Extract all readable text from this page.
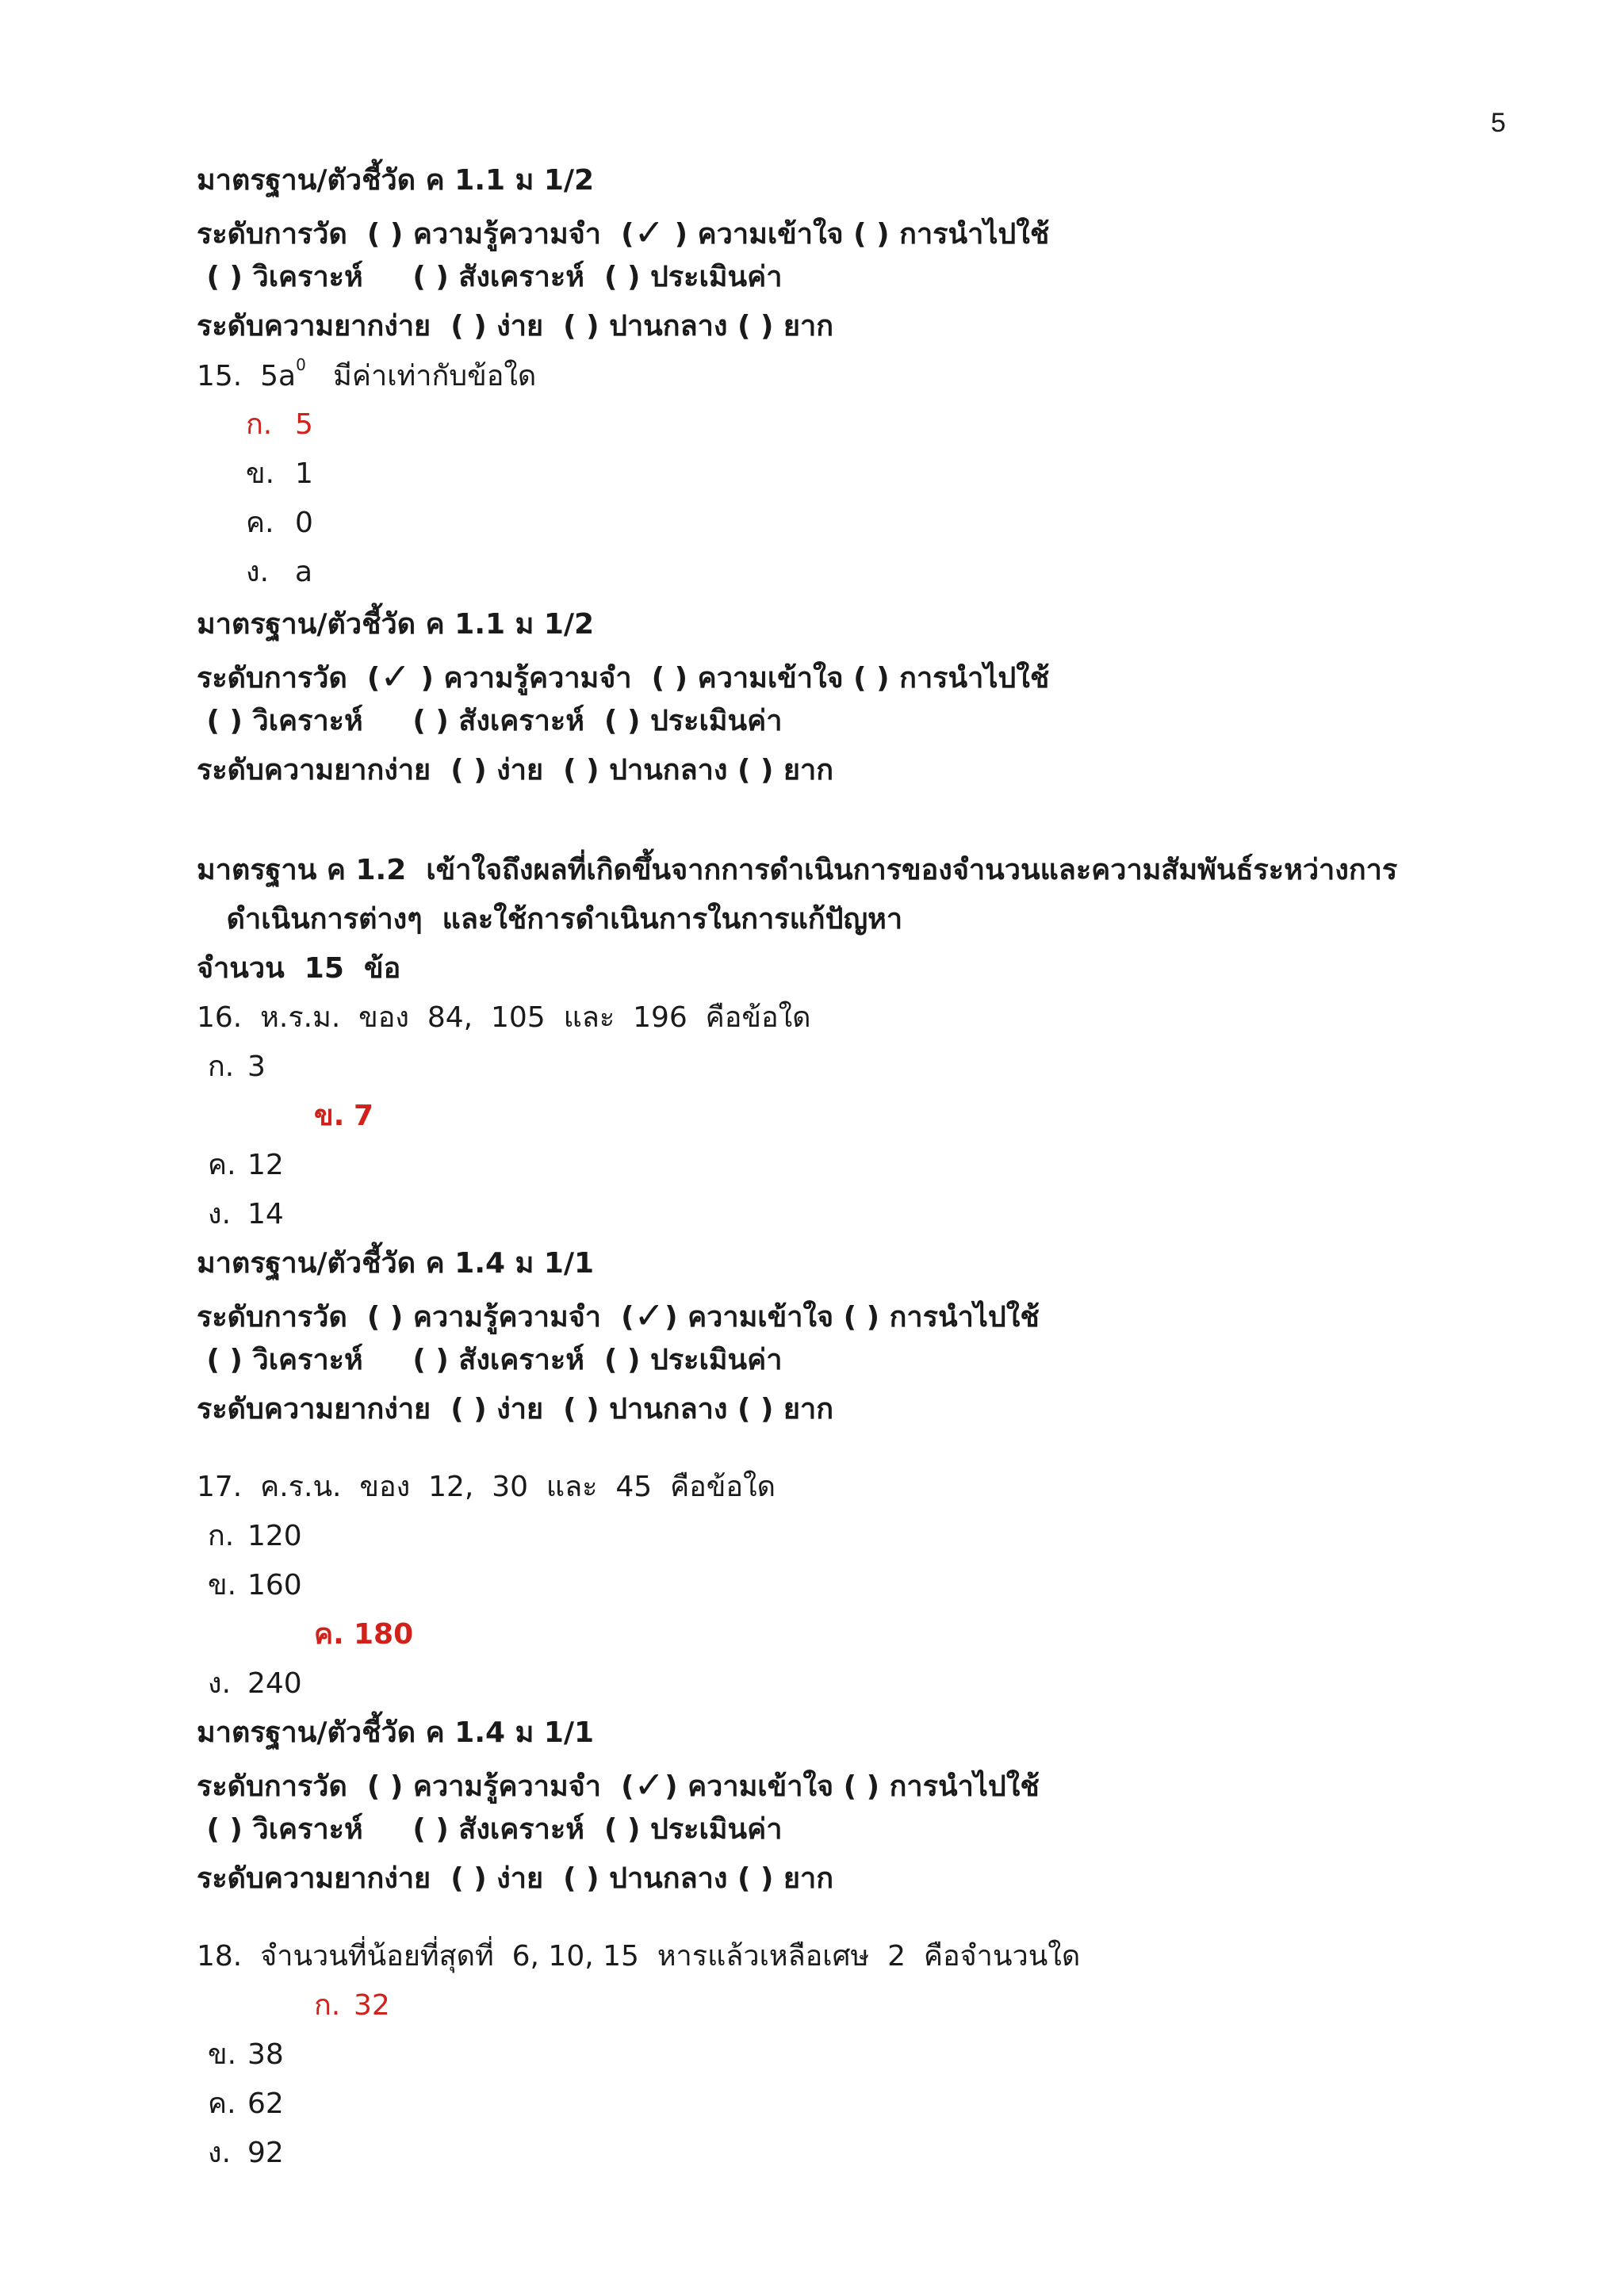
5
มาตรฐาน/ตัวชี้วัด ค 1.1 ม 1/2
ระดับการวัด  ( ) ความรู้ความจำ  (✓ ) ความเข้าใจ ( ) การนำไปใช้
( ) วิเคราะห์     ( ) สังเคราะห์  ( ) ประเมินค่า
ระดับความยากง่าย  ( ) ง่าย  ( ) ปานกลาง ( ) ยาก
15.  $5a^0$   มีค่าเท่ากับข้อใด
ก. 5
ข. 1
ค. 0
ง. a
มาตรฐาน/ตัวชี้วัด ค 1.1 ม 1/2
ระดับการวัด  (✓ ) ความรู้ความจำ  ( ) ความเข้าใจ ( ) การนำไปใช้
( ) วิเคราะห์     ( ) สังเคราะห์  ( ) ประเมินค่า
ระดับความยากง่าย  ( ) ง่าย  ( ) ปานกลาง ( ) ยาก
มาตรฐาน ค 1.2  เข้าใจถึงผลที่เกิดขึ้นจากการดำเนินการของจำนวนและความสัมพันธ์ระหว่างการ
ดำเนินการต่างๆ  และใช้การดำเนินการในการแก้ปัญหา
จำนวน  15  ข้อ
16.  ห.ร.ม.  ของ  84,  105  และ  196  คือข้อใด
ก. 3
ข. 7
ค. 12
ง. 14
มาตรฐาน/ตัวชี้วัด ค 1.4 ม 1/1
ระดับการวัด  ( ) ความรู้ความจำ  (✓) ความเข้าใจ ( ) การนำไปใช้
( ) วิเคราะห์     ( ) สังเคราะห์  ( ) ประเมินค่า
ระดับความยากง่าย  ( ) ง่าย  ( ) ปานกลาง ( ) ยาก
17.  ค.ร.น.  ของ  12,  30  และ  45  คือข้อใด
ก. 120
ข. 160
ค. 180
ง. 240
มาตรฐาน/ตัวชี้วัด ค 1.4 ม 1/1
ระดับการวัด  ( ) ความรู้ความจำ  (✓) ความเข้าใจ ( ) การนำไปใช้
( ) วิเคราะห์     ( ) สังเคราะห์  ( ) ประเมินค่า
ระดับความยากง่าย  ( ) ง่าย  ( ) ปานกลาง ( ) ยาก
18.  จำนวนที่น้อยที่สุดที่  6, 10, 15  หารแล้วเหลือเศษ  2  คือจำนวนใด
ก. 32
ข. 38
ค. 62
ง. 92
